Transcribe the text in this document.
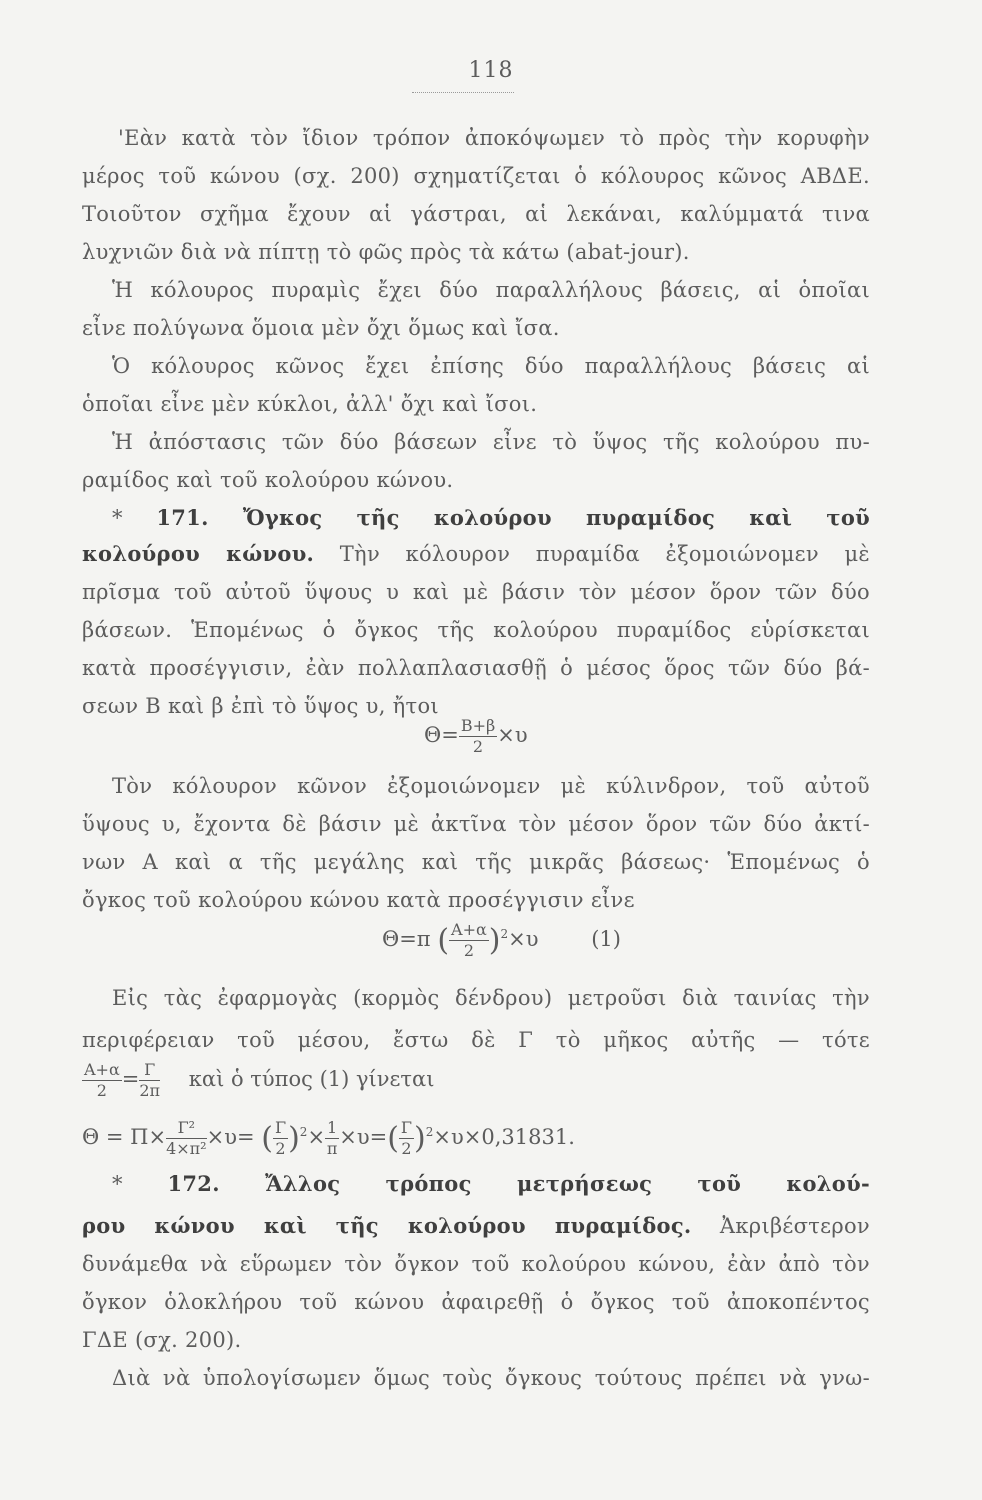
118
'Εὰν κατὰ τὸν ἴδιον τρόπον ἀποκόψωμεν τὸ πρὸς τὴν κορυφὴν
μέρος τοῦ κώνου (σχ. 200) σχηματίζεται ὁ κόλουρος κῶνος ΑΒΔΕ.
Τοιοῦτον σχῆμα ἔχουν αἱ γάστραι, αἱ λεκάναι, καλύμματά τινα
λυχνιῶν διὰ νὰ πίπτῃ τὸ φῶς πρὸς τὰ κάτω (abat-jour).
Ἡ κόλουρος πυραμὶς ἔχει δύο παραλλήλους βάσεις, αἱ ὁποῖαι
εἶνε πολύγωνα ὅμοια μὲν ὄχι ὅμως καὶ ἴσα.
Ὁ κόλουρος κῶνος ἔχει ἐπίσης δύο παραλλήλους βάσεις αἱ
ὁποῖαι εἶνε μὲν κύκλοι, ἀλλ' ὄχι καὶ ἴσοι.
Ἡ ἀπόστασις τῶν δύο βάσεων εἶνε τὸ ὕψος τῆς κολούρου πυ-
ραμίδος καὶ τοῦ κολούρου κώνου.
* 171. Ὄγκος τῆς κολούρου πυραμίδος καὶ τοῦ
κολούρου κώνου. Τὴν κόλουρον πυραμίδα ἐξομοιώνομεν μὲ
πρῖσμα τοῦ αὐτοῦ ὕψους υ καὶ μὲ βάσιν τὸν μέσον ὅρον τῶν δύο
βάσεων. Ἑπομένως ὁ ὄγκος τῆς κολούρου πυραμίδος εὑρίσκεται
κατὰ προσέγγισιν, ἐὰν πολλαπλασιασθῇ ὁ μέσος ὅρος τῶν δύο βά-
σεων Β καὶ β ἐπὶ τὸ ὕψος υ, ἤτοι
$\Theta= \frac{B+\beta}{2} \times\upsilon$
Τὸν κόλουρον κῶνον ἐξομοιώνομεν μὲ κύλινδρον, τοῦ αὐτοῦ
ὕψους υ, ἔχοντα δὲ βάσιν μὲ ἀκτῖνα τὸν μέσον ὅρον τῶν δύο ἀκτί-
νων Α καὶ α τῆς μεγάλης καὶ τῆς μικρᾶς βάσεως· Ἑπομένως ὁ
ὄγκος τοῦ κολούρου κώνου κατὰ προσέγγισιν εἶνε
Θ=π ( $\frac{A+\alpha}{2} )^2\times\upsilon$	(1)
Εἰς τὰς ἐφαρμογὰς (κορμὸς δένδρου) μετροῦσι διὰ ταινίας τὴν
περιφέρειαν τοῦ μέσου, ἔστω δὲ Γ τὸ μῆκος αὐτῆς — τότε
$\frac{A+\alpha}{2} = \frac{\Gamma}{2\pi}$ καὶ ὁ τύπος (1) γίνεται
$\Theta = \Pi\times \frac{\text{Γ²}}{\text{4×π²}} \times\upsilon=$ ( $\frac{\Gamma}{2} )^2\times \frac{1}{\pi} \times\upsilon=( \frac{\Gamma}{2} )^2\times\upsilon\times 0,31831$.
* 172. Ἄλλος τρόπος μετρήσεως τοῦ κολού-
ρου κώνου καὶ τῆς κολούρου πυραμίδος. Ἀκριβέστερον
δυνάμεθα νὰ εὕρωμεν τὸν ὄγκον τοῦ κολούρου κώνου, ἐὰν ἀπὸ τὸν
ὄγκον ὁλοκλήρου τοῦ κώνου ἀφαιρεθῇ ὁ ὄγκος τοῦ ἀποκοπέντος
ΓΔΕ (σχ. 200).
Διὰ νὰ ὑπολογίσωμεν ὅμως τοὺς ὄγκους τούτους πρέπει νὰ γνω-
